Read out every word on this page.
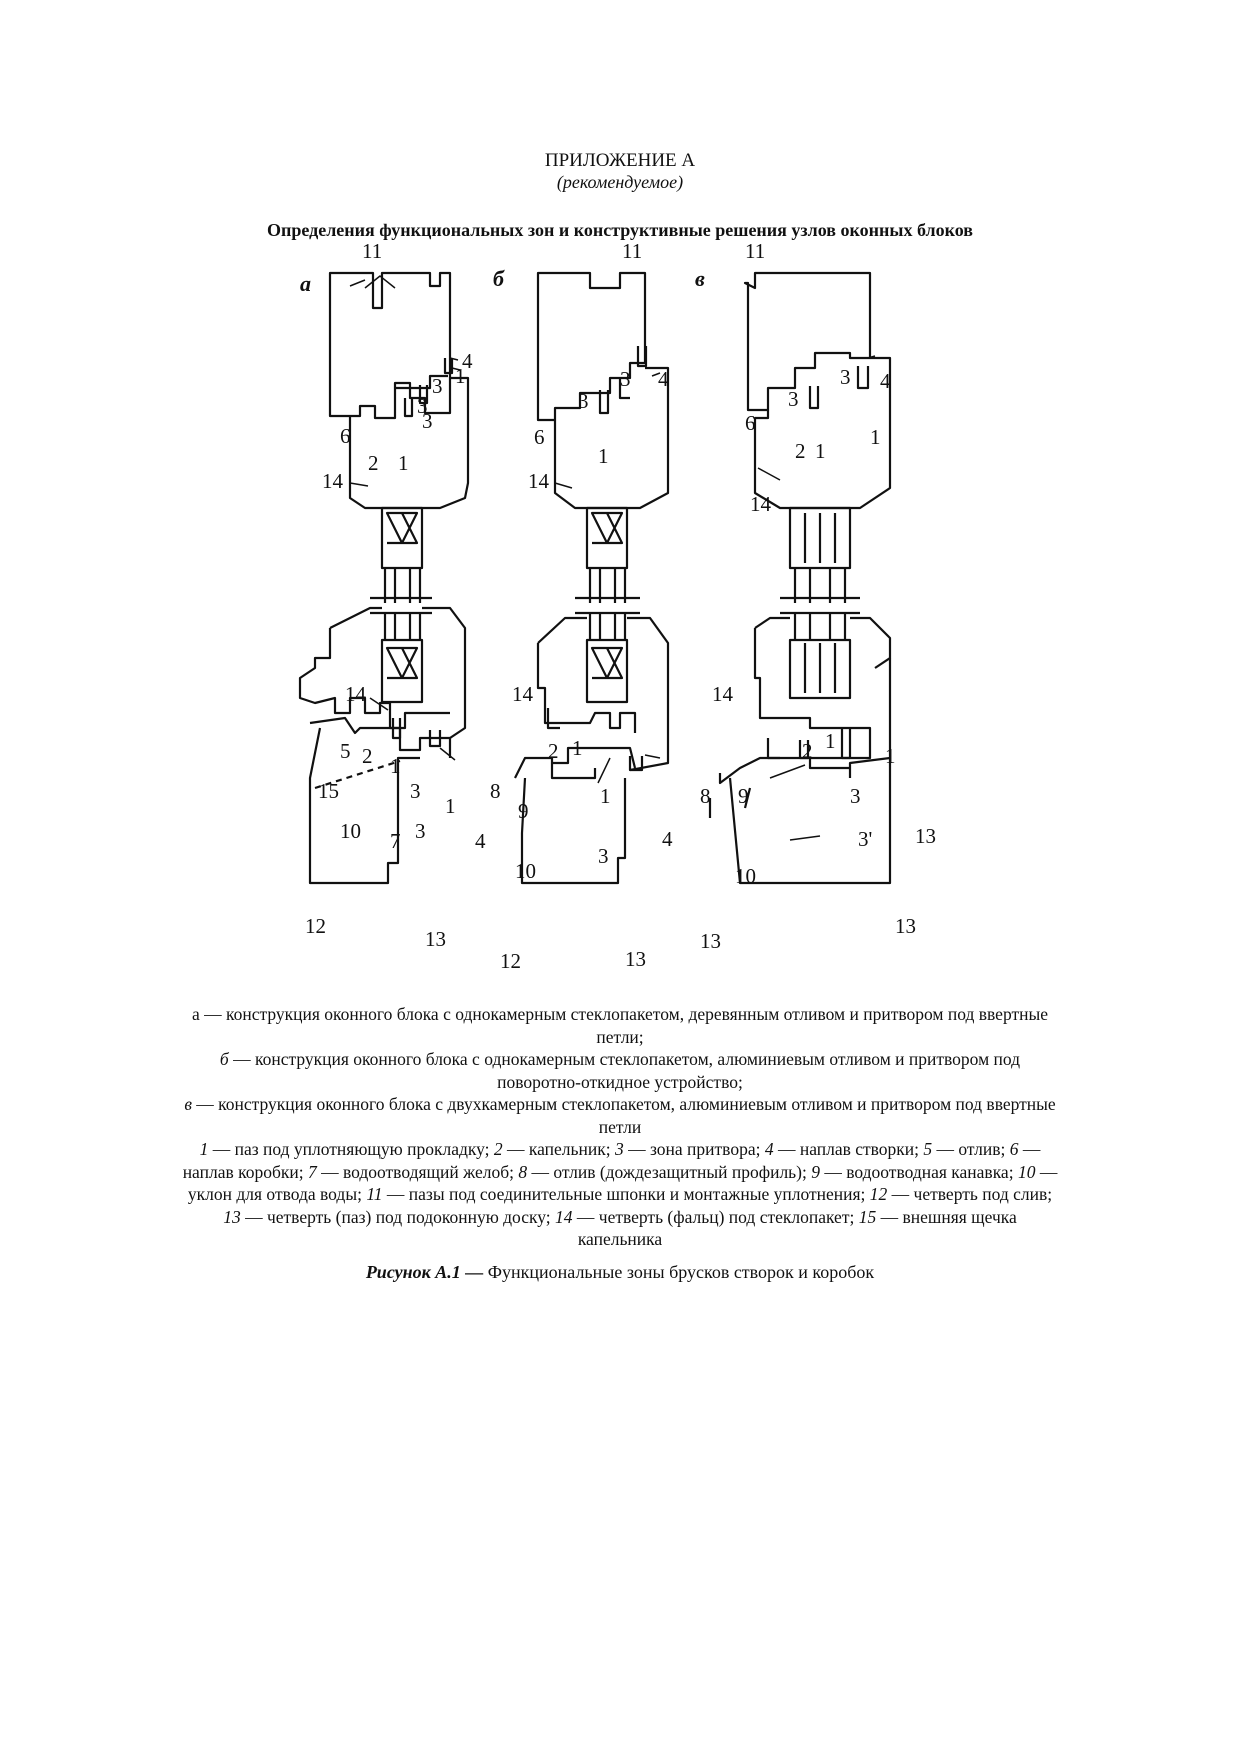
ПРИЛОЖЕНИЕ А
(рекомендуемое)
Определения функциональных зон и конструктивные решения узлов оконных блоков
а	б	в
11
3
4
3
1
3
6
2 1
14
11
3 4
3
6
1
14
11
3 4
3
6
2 1
1
14
14
5 2 1
15	3
1
10	3 4
7
12
13
14
2 1
8
9
1
3
4
10
12	13
14
2 1
1
8 9	3
3' 13
10
13
13

а — конструкция оконного блока с однокамерным стеклопакетом, деревянным отливом и притвором под ввертные петли;

б — конструкция оконного блока с однокамерным стеклопакетом, алюминиевым отливом и притвором под поворотно-откидное устройство;

в — конструкция оконного блока с двухкамерным стеклопакетом, алюминиевым отливом и притвором под ввертные петли

1 — паз под уплотняющую прокладку; 2 — капельник; 3 — зона притвора; 4 — наплав створки; 5 — отлив; 6 — наплав коробки; 7 — водоотводящий желоб; 8 — отлив (дождезащитный профиль); 9 — водоотводная канавка; 10 — уклон для отвода воды; 11 — пазы под соединительные шпонки и монтажные уплотнения; 12 — четверть под слив; 13 — четверть (паз) под подоконную доску; 14 — четверть (фальц) под стеклопакет; 15 — внешняя щечка капельника

Рисунок А.1 — Функциональные зоны брусков створок и коробок
